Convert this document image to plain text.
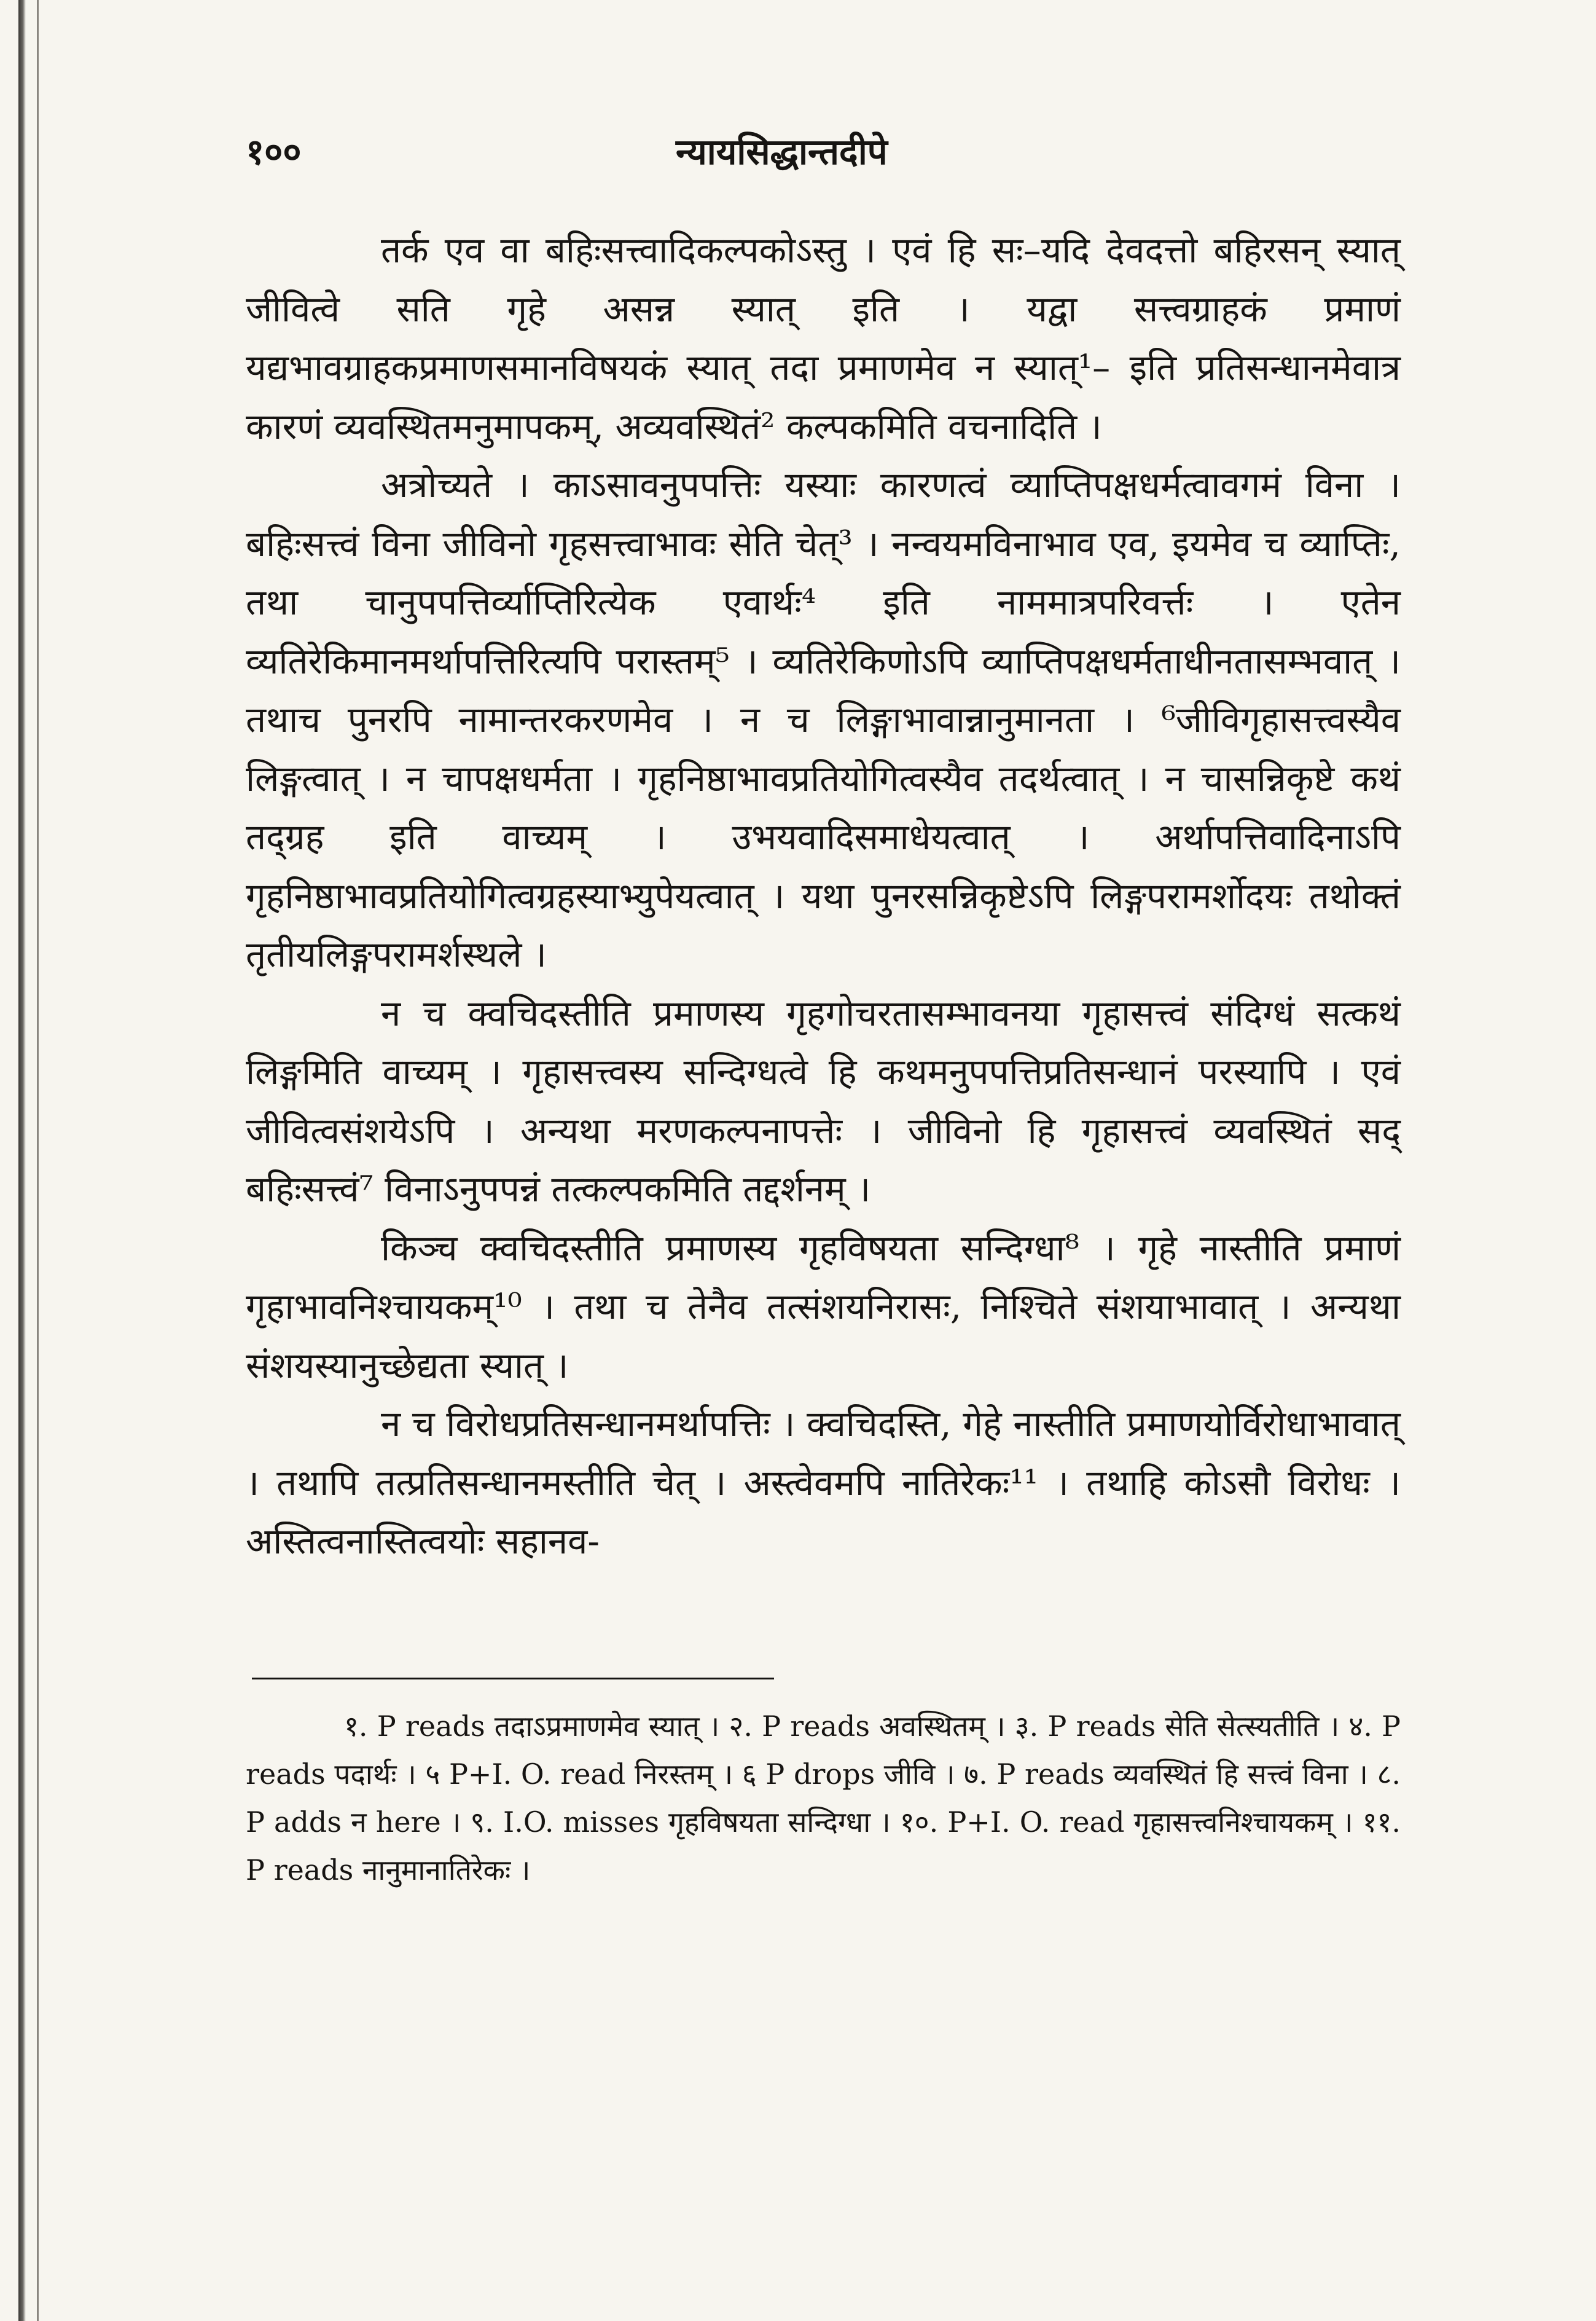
१००	न्यायसिद्धान्तदीपे

तर्क एव वा बहिःसत्त्वादिकल्पकोऽस्तु । एवं हि सः–यदि देवदत्तो बहिरसन् स्यात् जीवित्वे सति गृहे असन्न स्यात् इति । यद्वा सत्त्वग्राहकं प्रमाणं यद्यभावग्राहकप्रमाणसमानविषयकं स्यात् तदा प्रमाणमेव न स्यात्¹– इति प्रतिसन्धानमेवात्र कारणं व्यवस्थितमनुमापकम्, अव्यवस्थितं² कल्पकमिति वचनादिति ।

अत्रोच्यते । काऽसावनुपपत्तिः यस्याः कारणत्वं व्याप्तिपक्षधर्मत्वावगमं विना । बहिःसत्त्वं विना जीविनो गृहसत्त्वाभावः सेति चेत्³ । नन्वयमविनाभाव एव, इयमेव च व्याप्तिः, तथा चानुपपत्तिर्व्याप्तिरित्येक एवार्थः⁴ इति नाममात्रपरिवर्त्तः । एतेन व्यतिरेकिमानमर्थापत्तिरित्यपि परास्तम्⁵ । व्यतिरेकिणोऽपि व्याप्तिपक्षधर्मताधीनतासम्भवात् । तथाच पुनरपि नामान्तरकरणमेव । न च लिङ्गाभावान्नानुमानता । ⁶जीविगृहासत्त्वस्यैव लिङ्गत्वात् । न चापक्षधर्मता । गृहनिष्ठाभावप्रतियोगित्वस्यैव तदर्थत्वात् । न चासन्निकृष्टे कथं तद्ग्रह इति वाच्यम् । उभयवादिसमाधेयत्वात् । अर्थापत्तिवादिनाऽपि गृहनिष्ठाभावप्रतियोगित्वग्रहस्याभ्युपेयत्वात् । यथा पुनरसन्निकृष्टेऽपि लिङ्गपरामर्शोदयः तथोक्तं तृतीयलिङ्गपरामर्शस्थले ।

न च क्वचिदस्तीति प्रमाणस्य गृहगोचरतासम्भावनया गृहासत्त्वं संदिग्धं सत्कथं लिङ्गमिति वाच्यम् । गृहासत्त्वस्य सन्दिग्धत्वे हि कथमनुपपत्तिप्रतिसन्धानं परस्यापि । एवं जीवित्वसंशयेऽपि । अन्यथा मरणकल्पनापत्तेः । जीविनो हि गृहासत्त्वं व्यवस्थितं सद् बहिःसत्त्वं⁷ विनाऽनुपपन्नं तत्कल्पकमिति तद्दर्शनम् ।

किञ्च क्वचिदस्तीति प्रमाणस्य गृहविषयता सन्दिग्धा⁸ । गृहे नास्तीति प्रमाणं गृहाभावनिश्चायकम्¹⁰ । तथा च तेनैव तत्संशयनिरासः, निश्चिते संशयाभावात् । अन्यथा संशयस्यानुच्छेद्यता स्यात् ।

न च विरोधप्रतिसन्धानमर्थापत्तिः । क्वचिदस्ति, गेहे नास्तीति प्रमाणयोर्विरोधाभावात् । तथापि तत्प्रतिसन्धानमस्तीति चेत् । अस्त्वेवमपि नातिरेकः¹¹ । तथाहि कोऽसौ विरोधः । अस्तित्वनास्तित्वयोः सहानव-

१. P reads तदाऽप्रमाणमेव स्यात् । २. P reads अवस्थितम् । ३. P reads सेति सेत्स्यतीति । ४. P reads पदार्थः । ५ P+I. O. read निरस्तम् । ६ P drops जीवि । ७. P reads व्यवस्थितं हि सत्त्वं विना । ८. P adds न here । ९. I.O. misses गृहविषयता सन्दिग्धा । १०. P+I. O. read गृहासत्त्वनिश्चायकम् । ११. P reads नानुमानातिरेकः ।
